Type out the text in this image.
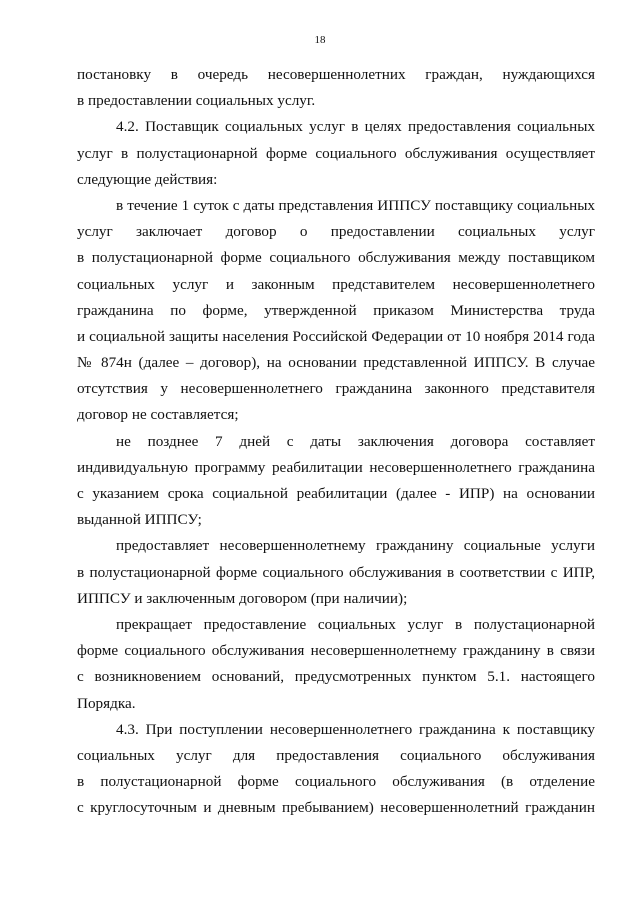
18
постановку в очередь несовершеннолетних граждан, нуждающихся
в предоставлении социальных услуг.
4.2. Поставщик социальных услуг в целях предоставления социальных
услуг в полустационарной форме социального обслуживания осуществляет
следующие действия:
в течение 1 суток с даты представления ИППСУ поставщику социальных
услуг заключает договор о предоставлении социальных услуг
в полустационарной форме социального обслуживания между поставщиком
социальных услуг и законным представителем несовершеннолетнего
гражданина по форме, утвержденной приказом Министерства труда
и социальной защиты населения Российской Федерации от 10 ноября 2014 года
№ 874н (далее – договор), на основании представленной ИППСУ. В случае
отсутствия у несовершеннолетнего гражданина законного представителя
договор не составляется;
не позднее 7 дней с даты заключения договора составляет
индивидуальную программу реабилитации несовершеннолетнего гражданина
с указанием срока социальной реабилитации (далее - ИПР) на основании
выданной ИППСУ;
предоставляет несовершеннолетнему гражданину социальные услуги
в полустационарной форме социального обслуживания в соответствии с ИПР,
ИППСУ и заключенным договором (при наличии);
прекращает предоставление социальных услуг в полустационарной
форме социального обслуживания несовершеннолетнему гражданину в связи
с возникновением оснований, предусмотренных пунктом 5.1. настоящего
Порядка.
4.3. При поступлении несовершеннолетнего гражданина к поставщику
социальных услуг для предоставления социального обслуживания
в полустационарной форме социального обслуживания (в отделение
с круглосуточным и дневным пребыванием) несовершеннолетний гражданин
